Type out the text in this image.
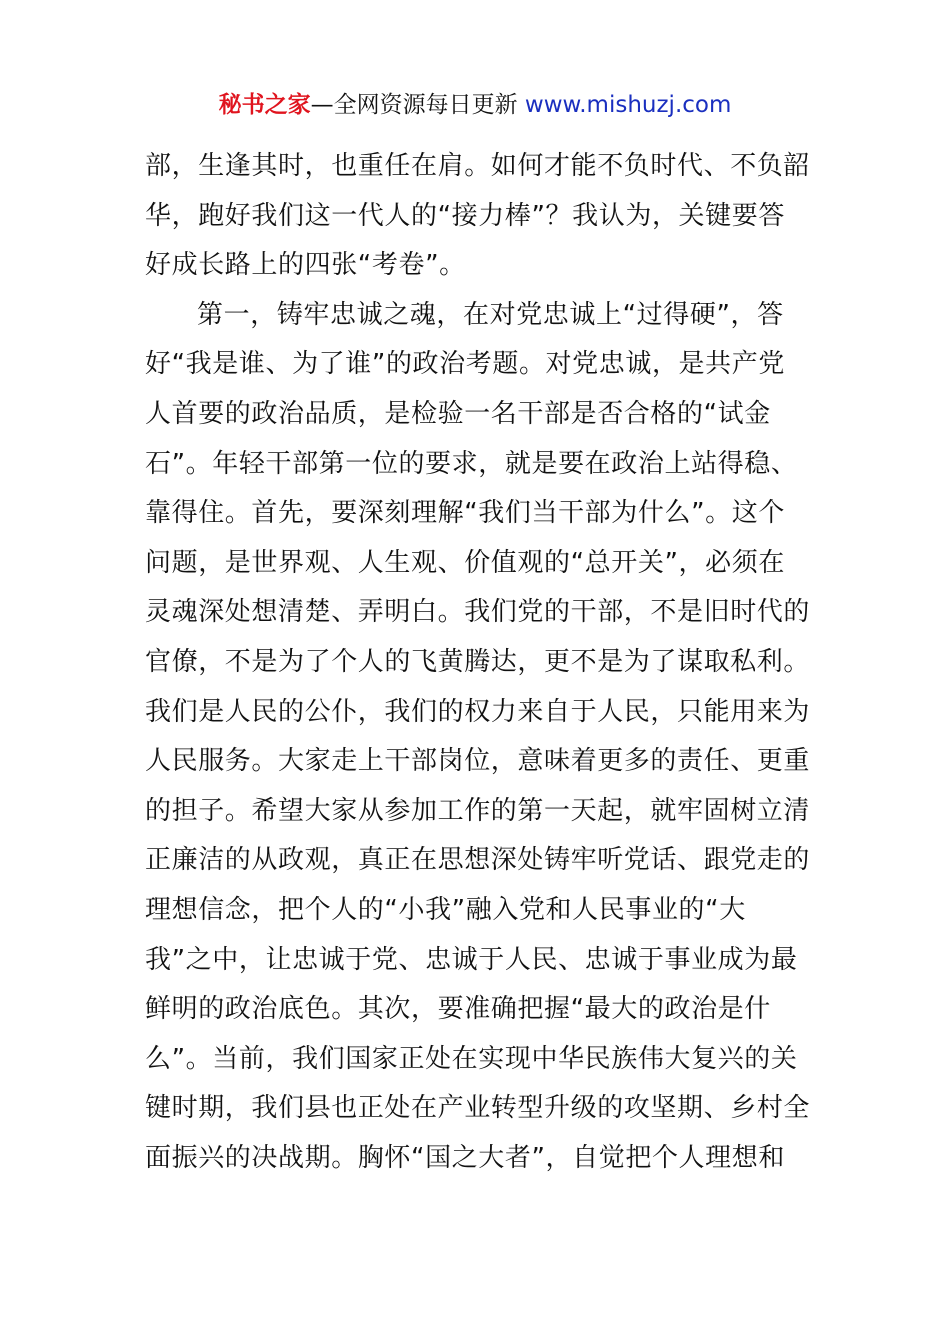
秘书之家—全网资源每日更新 www.mishuzj.com
部，生逢其时，也重任在肩。如何才能不负时代、不负韶
华，跑好我们这一代人的“接力棒”？我认为，关键要答
好成长路上的四张“考卷”。
第一，铸牢忠诚之魂，在对党忠诚上“过得硬”，答
好“我是谁、为了谁”的政治考题。对党忠诚，是共产党
人首要的政治品质，是检验一名干部是否合格的“试金
石”。年轻干部第一位的要求，就是要在政治上站得稳、
靠得住。首先，要深刻理解“我们当干部为什么”。这个
问题，是世界观、人生观、价值观的“总开关”，必须在
灵魂深处想清楚、弄明白。我们党的干部，不是旧时代的
官僚，不是为了个人的飞黄腾达，更不是为了谋取私利。
我们是人民的公仆，我们的权力来自于人民，只能用来为
人民服务。大家走上干部岗位，意味着更多的责任、更重
的担子。希望大家从参加工作的第一天起，就牢固树立清
正廉洁的从政观，真正在思想深处铸牢听党话、跟党走的
理想信念，把个人的“小我”融入党和人民事业的“大
我”之中，让忠诚于党、忠诚于人民、忠诚于事业成为最
鲜明的政治底色。其次，要准确把握“最大的政治是什
么”。当前，我们国家正处在实现中华民族伟大复兴的关
键时期，我们县也正处在产业转型升级的攻坚期、乡村全
面振兴的决战期。胸怀“国之大者”，自觉把个人理想和
